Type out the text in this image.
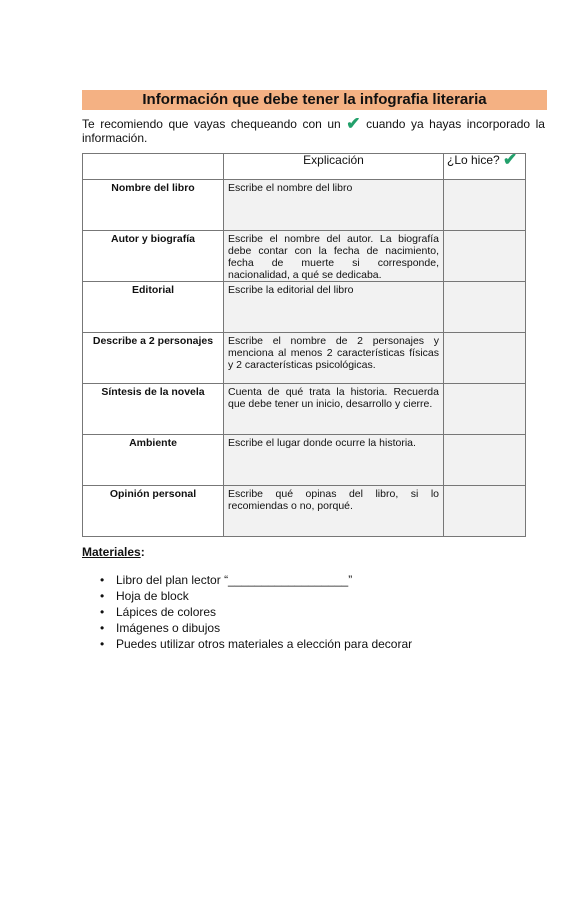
Información que debe tener la infografia literaria
Te recomiendo que vayas chequeando con un ✔ cuando ya hayas incorporado la información.
	Explicación	¿Lo hice? ✔
Nombre del libro	Escribe el nombre del libro	
Autor y biografía	Escribe el nombre del autor. La biografía debe contar con la fecha de nacimiento, fecha de muerte si corresponde, nacionalidad, a qué se dedicaba.	
Editorial	Escribe la editorial del libro	
Describe a 2 personajes	Escribe el nombre de 2 personajes y menciona al menos 2 características físicas y 2 características psicológicas.	
Síntesis de la novela	Cuenta de qué trata la historia. Recuerda que debe tener un inicio, desarrollo y cierre.	
Ambiente	Escribe el lugar donde ocurre la historia.	
Opinión personal	Escribe qué opinas del libro, si lo recomiendas o no, porqué.	
Materiales:
• Libro del plan lector “__________________”
• Hoja de block
• Lápices de colores
• Imágenes o dibujos
• Puedes utilizar otros materiales a elección para decorar
